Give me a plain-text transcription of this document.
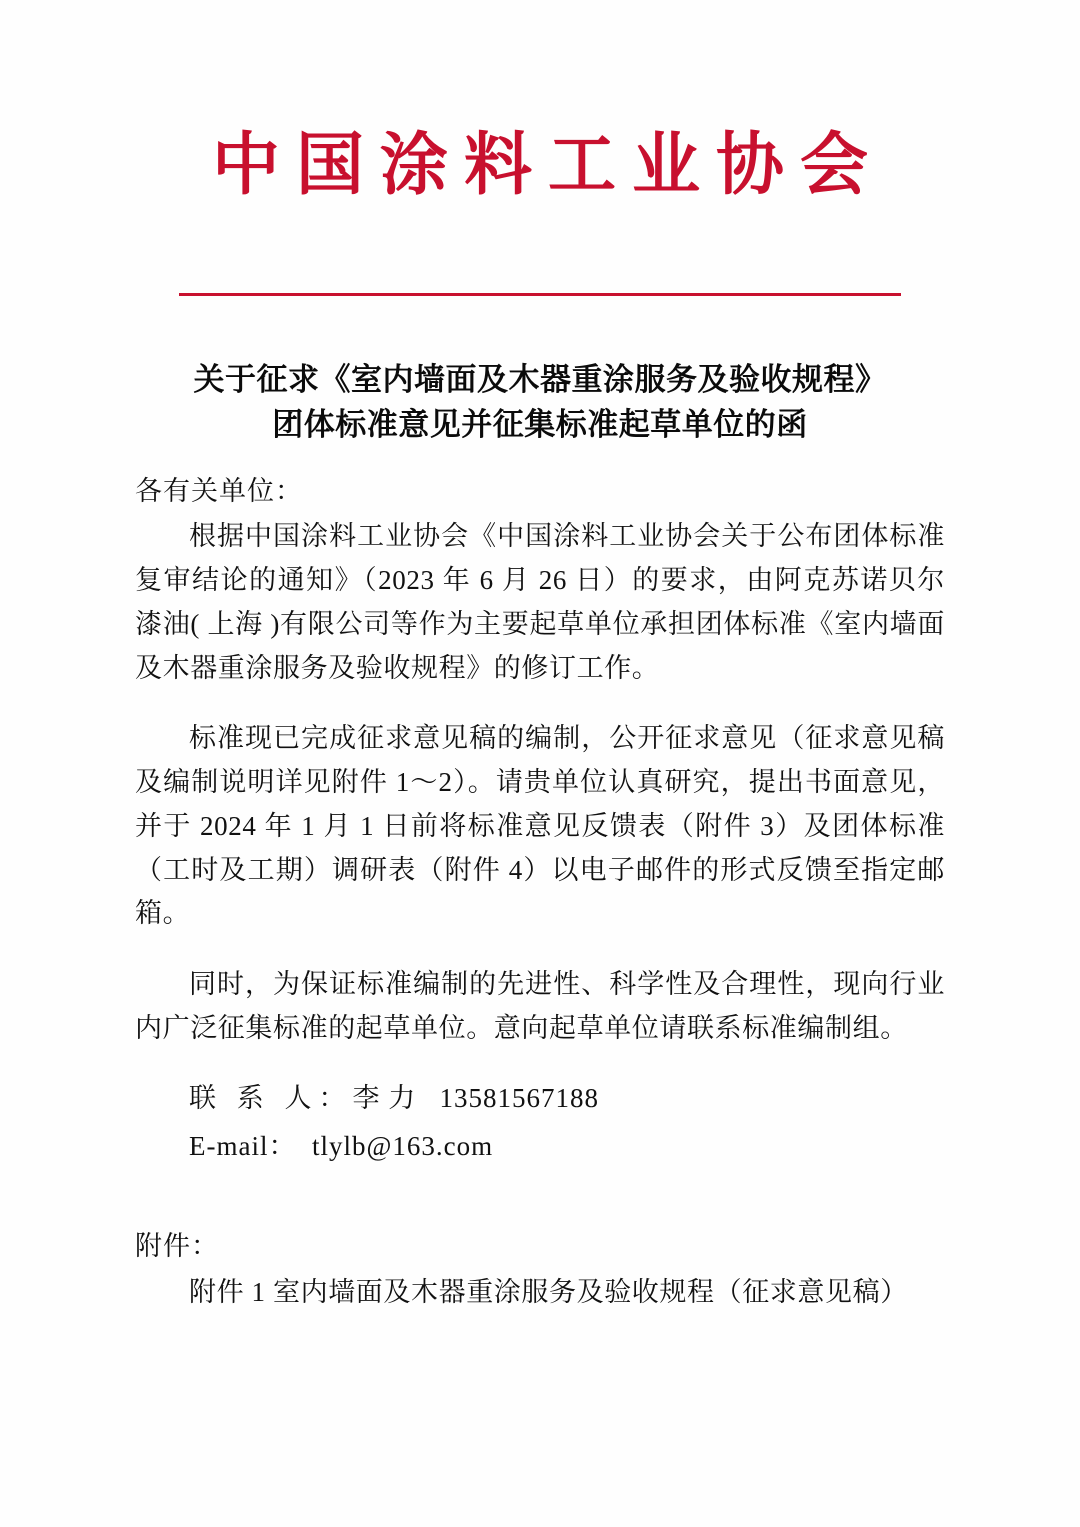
中国涂料工业协会
关于征求《室内墙面及木器重涂服务及验收规程》
团体标准意见并征集标准起草单位的函
各有关单位：

根据中国涂料工业协会《中国涂料工业协会关于公布团体标准复审结论的通知》（2023 年 6 月 26 日）的要求，由阿克苏诺贝尔漆油( 上海 )有限公司等作为主要起草单位承担团体标准《室内墙面及木器重涂服务及验收规程》的修订工作。

标准现已完成征求意见稿的编制，公开征求意见（征求意见稿及编制说明详见附件 1～2）。请贵单位认真研究，提出书面意见，并于 2024 年 1 月 1 日前将标准意见反馈表（附件 3）及团体标准（工时及工期）调研表（附件 4）以电子邮件的形式反馈至指定邮箱。

同时，为保证标准编制的先进性、科学性及合理性，现向行业内广泛征集标准的起草单位。意向起草单位请联系标准编制组。

联 系 人：李 力 13581567188
E-mail： tlylb@163.com
附件：
附件 1 室内墙面及木器重涂服务及验收规程（征求意见稿）
